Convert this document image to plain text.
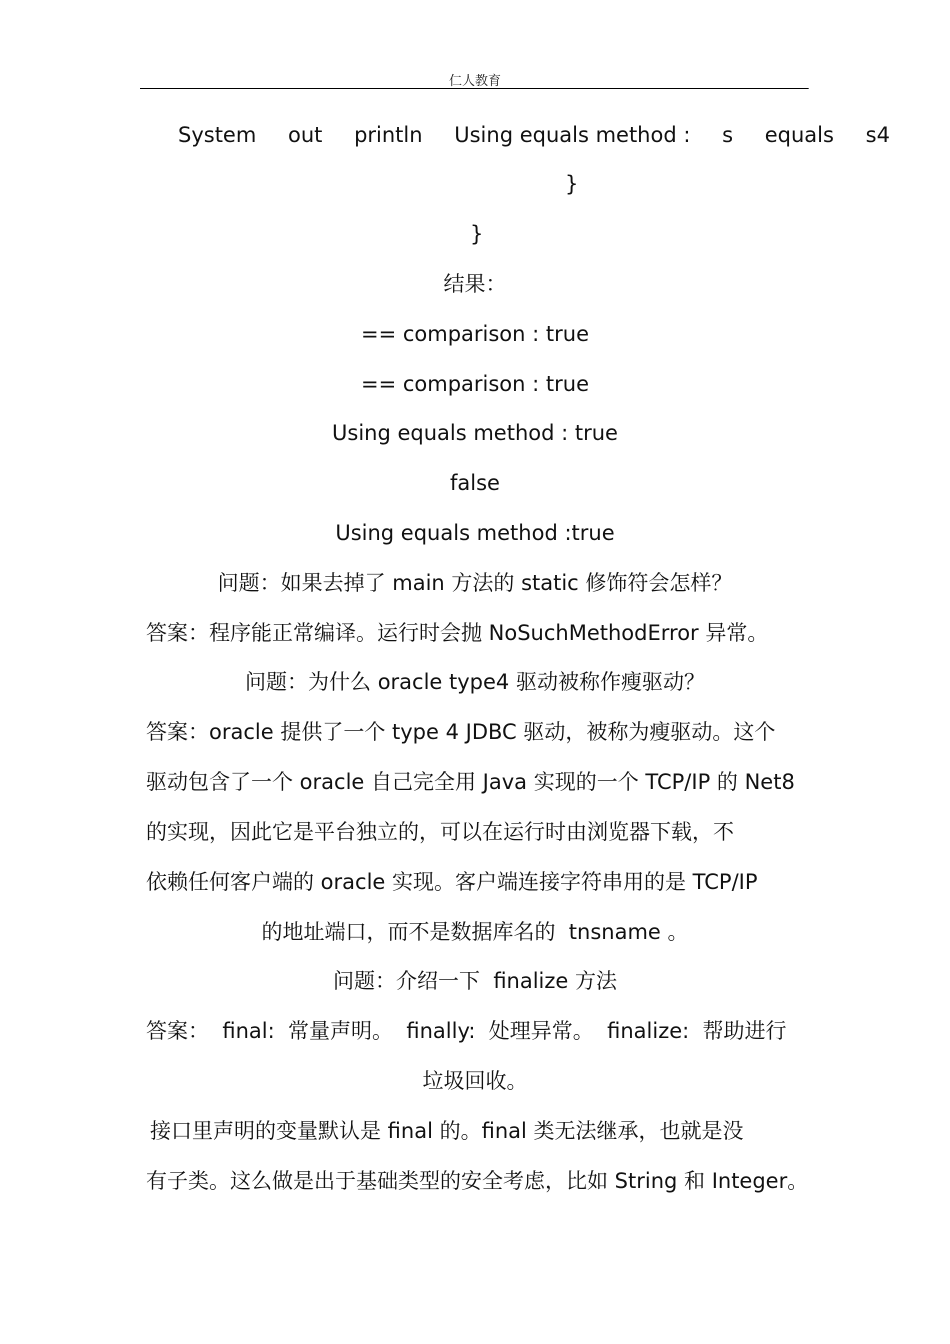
仁人教育	.
System out println Using equals method : s equals s4
}
}
结果：
== comparison : true
== comparison : true
Using equals method : true
false
Using equals method :true
问题：如果去掉了 main 方法的 static 修饰符会怎样？
答案：程序能正常编译。运行时会抛 NoSuchMethodError 异常。
问题：为什么 oracle type4 驱动被称作瘦驱动？
答案：oracle 提供了一个 type 4 JDBC 驱动，被称为瘦驱动。这个
驱动包含了一个 oracle 自己完全用 Java 实现的一个 TCP/IP 的 Net8
的实现，因此它是平台独立的，可以在运行时由浏览器下载，不
依赖任何客户端的 oracle 实现。客户端连接字符串用的是 TCP/IP
的地址端口，而不是数据库名的  tnsname 。
问题：介绍一下  finalize 方法
答案：  final:  常量声明。  finally:  处理异常。  finalize:  帮助进行
垃圾回收。
接口里声明的变量默认是 final 的。final 类无法继承，也就是没
有子类。这么做是出于基础类型的安全考虑，比如 String 和 Integer。
